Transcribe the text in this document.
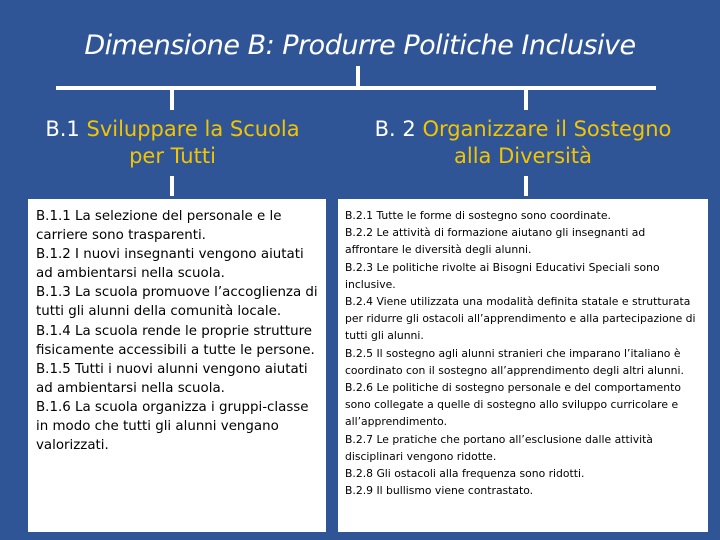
Dimensione B: Produrre Politiche Inclusive
B.1 Sviluppare la Scuola
per Tutti
B. 2 Organizzare il Sostegno
alla Diversità

B.1.1 La selezione del personale e le carriere sono trasparenti.

B.1.2 I nuovi insegnanti vengono aiutati ad ambientarsi nella scuola.

B.1.3 La scuola promuove l’accoglienza di tutti gli alunni della comunità locale.

B.1.4 La scuola rende le proprie strutture fisicamente accessibili a tutte le persone.

B.1.5 Tutti i nuovi alunni vengono aiutati ad ambientarsi nella scuola.

B.1.6 La scuola organizza i gruppi-classe in modo che tutti gli alunni vengano valorizzati.

B.2.1 Tutte le forme di sostegno sono coordinate.

B.2.2 Le attività di formazione aiutano gli insegnanti ad affrontare le diversità degli alunni.

B.2.3 Le politiche rivolte ai Bisogni Educativi Speciali sono inclusive.

B.2.4 Viene utilizzata una modalità definita statale e strutturata per ridurre gli ostacoli all’apprendimento e alla partecipazione di tutti gli alunni.

B.2.5 Il sostegno agli alunni stranieri che imparano l’italiano è coordinato con il sostegno all’apprendimento degli altri alunni.

B.2.6 Le politiche di sostegno personale e del comportamento sono collegate a quelle di sostegno allo sviluppo curricolare e all’apprendimento.

B.2.7 Le pratiche che portano all’esclusione dalle attività disciplinari vengono ridotte.

B.2.8 Gli ostacoli alla frequenza sono ridotti.

B.2.9 Il bullismo viene contrastato.
